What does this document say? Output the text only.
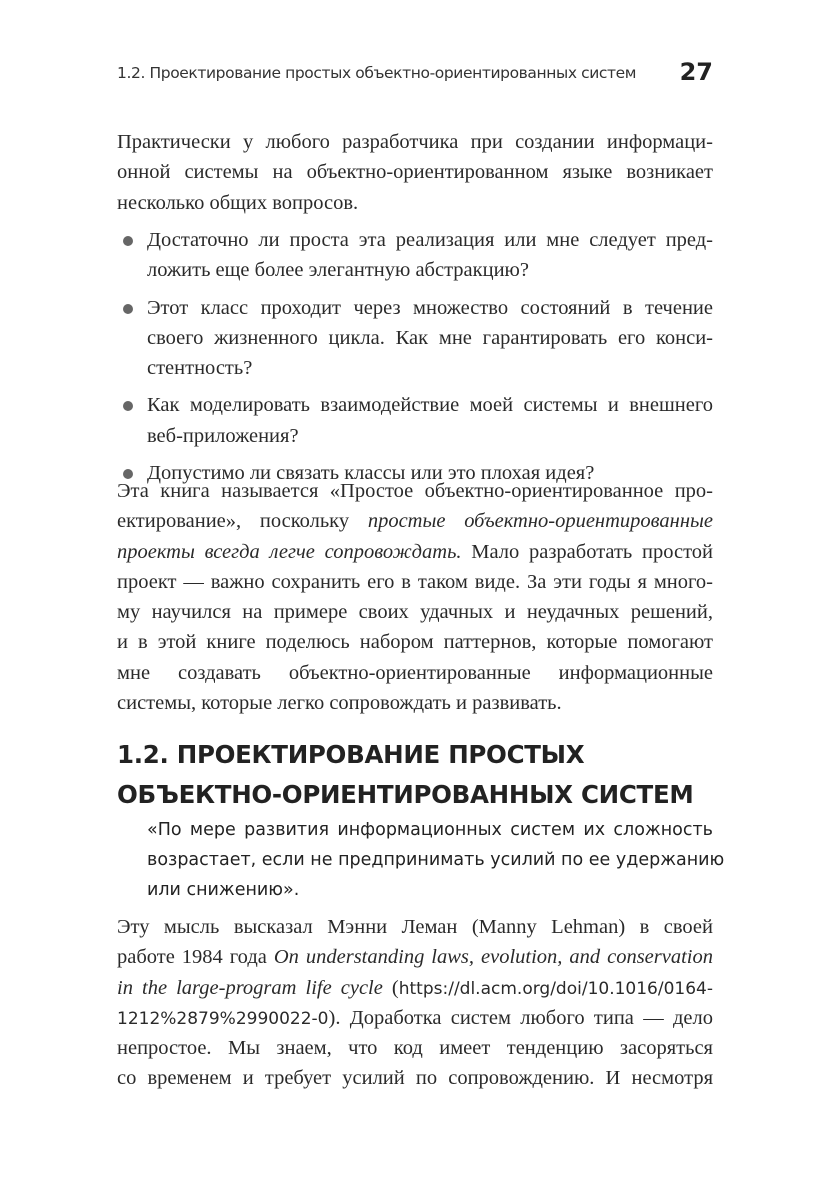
1.2. Проектирование простых объектно-ориентированных систем 27
Практически у любого разработчика при создании информаци-
онной системы на объектно-ориентированном языке возникает
несколько общих вопросов.
Достаточно ли проста эта реализация или мне следует пред-
ложить еще более элегантную абстракцию?
Этот класс проходит через множество состояний в течение
своего жизненного цикла. Как мне гарантировать его конси-
стентность?
Как моделировать взаимодействие моей системы и внешнего
веб-приложения?
Допустимо ли связать классы или это плохая идея?
Эта книга называется «Простое объектно-ориентированное про-
ектирование», поскольку простые объектно-ориентированные
проекты всегда легче сопровождать. Мало разработать простой
проект — важно сохранить его в таком виде. За эти годы я много-
му научился на примере своих удачных и неудачных решений,
и в этой книге поделюсь набором паттернов, которые помогают
мне создавать объектно-ориентированные информационные
системы, которые легко сопровождать и развивать.
1.2. ПРОЕКТИРОВАНИЕ ПРОСТЫХ
ОБЪЕКТНО-ОРИЕНТИРОВАННЫХ СИСТЕМ
«По мере развития информационных систем их сложность
возрастает, если не предпринимать усилий по ее удержанию
или снижению».
Эту мысль высказал Мэнни Леман (Manny Lehman) в своей
работе 1984 года On understanding laws, evolution, and conservation
in the large-program life cycle (https://dl.acm.org/doi/10.1016/0164-
1212%2879%2990022-0). Доработка систем любого типа — дело
непростое. Мы знаем, что код имеет тенденцию засоряться
со временем и требует усилий по сопровождению. И несмотря
